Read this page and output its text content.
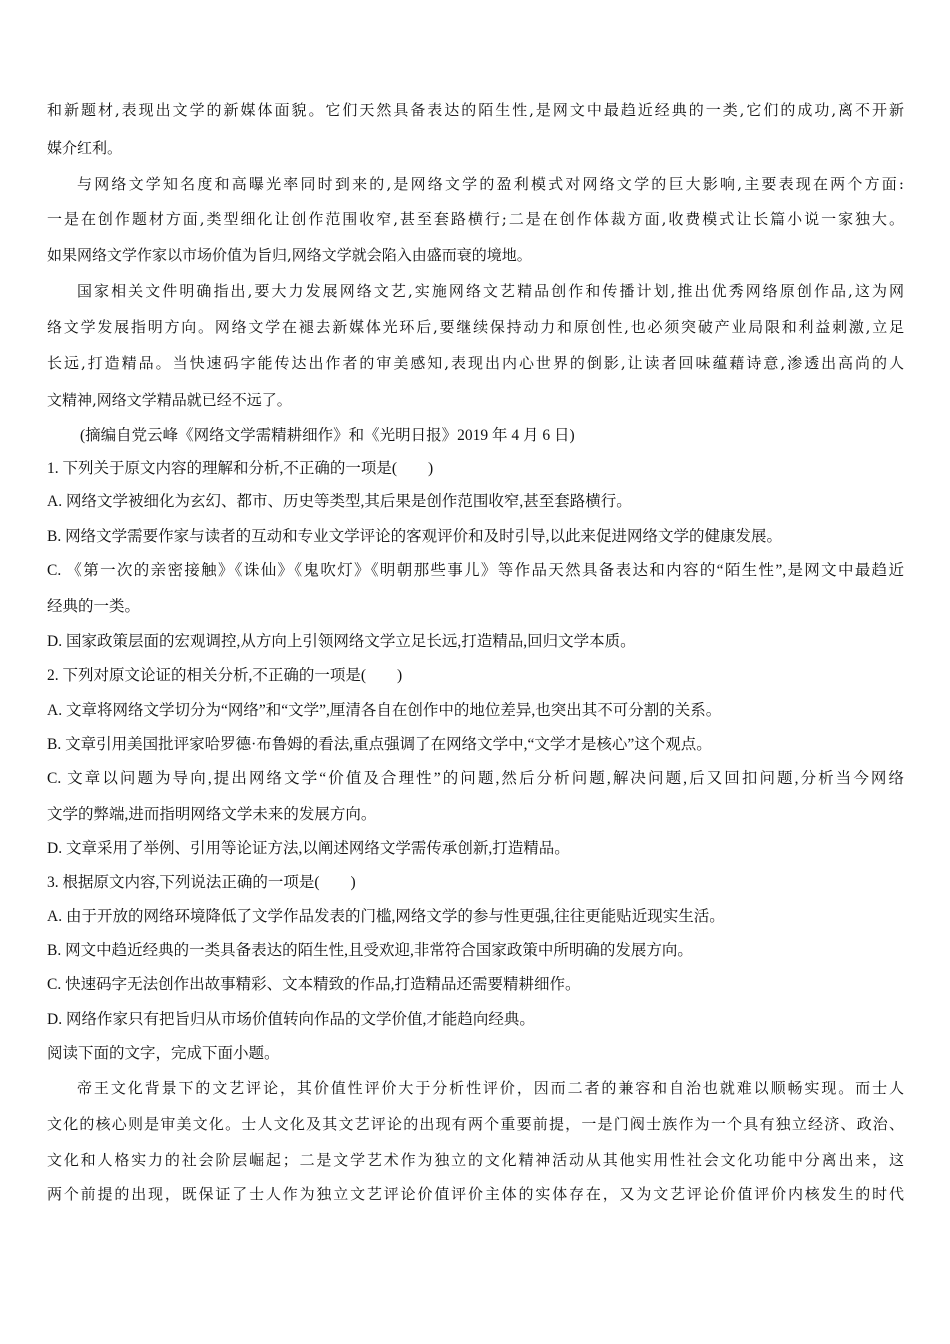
和新题材,表现出文学的新媒体面貌。它们天然具备表达的陌生性,是网文中最趋近经典的一类,它们的成功,离不开新
媒介红利。
与网络文学知名度和高曝光率同时到来的,是网络文学的盈利模式对网络文学的巨大影响,主要表现在两个方面:
一是在创作题材方面,类型细化让创作范围收窄,甚至套路横行;二是在创作体裁方面,收费模式让长篇小说一家独大。
如果网络文学作家以市场价值为旨归,网络文学就会陷入由盛而衰的境地。
国家相关文件明确指出,要大力发展网络文艺,实施网络文艺精品创作和传播计划,推出优秀网络原创作品,这为网
络文学发展指明方向。网络文学在褪去新媒体光环后,要继续保持动力和原创性,也必须突破产业局限和利益刺激,立足
长远,打造精品。当快速码字能传达出作者的审美感知,表现出内心世界的倒影,让读者回味蕴藉诗意,渗透出高尚的人
文精神,网络文学精品就已经不远了。
(摘编自党云峰《网络文学需精耕细作》和《光明日报》2019 年 4 月 6 日)
1. 下列关于原文内容的理解和分析,不正确的一项是(　　)
A. 网络文学被细化为玄幻、都市、历史等类型,其后果是创作范围收窄,甚至套路横行。
B. 网络文学需要作家与读者的互动和专业文学评论的客观评价和及时引导,以此来促进网络文学的健康发展。
C. 《第一次的亲密接触》《诛仙》《鬼吹灯》《明朝那些事儿》等作品天然具备表达和内容的“陌生性”,是网文中最趋近
经典的一类。
D. 国家政策层面的宏观调控,从方向上引领网络文学立足长远,打造精品,回归文学本质。
2. 下列对原文论证的相关分析,不正确的一项是(　　)
A. 文章将网络文学切分为“网络”和“文学”,厘清各自在创作中的地位差异,也突出其不可分割的关系。
B. 文章引用美国批评家哈罗德·布鲁姆的看法,重点强调了在网络文学中,“文学才是核心”这个观点。
C. 文章以问题为导向,提出网络文学“价值及合理性”的问题,然后分析问题,解决问题,后又回扣问题,分析当今网络
文学的弊端,进而指明网络文学未来的发展方向。
D. 文章采用了举例、引用等论证方法,以阐述网络文学需传承创新,打造精品。
3. 根据原文内容,下列说法正确的一项是(　　)
A. 由于开放的网络环境降低了文学作品发表的门槛,网络文学的参与性更强,往往更能贴近现实生活。
B. 网文中趋近经典的一类具备表达的陌生性,且受欢迎,非常符合国家政策中所明确的发展方向。
C. 快速码字无法创作出故事精彩、文本精致的作品,打造精品还需要精耕细作。
D. 网络作家只有把旨归从市场价值转向作品的文学价值,才能趋向经典。
阅读下面的文字，完成下面小题。
帝王文化背景下的文艺评论，其价值性评价大于分析性评价，因而二者的兼容和自治也就难以顺畅实现。而士人
文化的核心则是审美文化。士人文化及其文艺评论的出现有两个重要前提，一是门阀士族作为一个具有独立经济、政治、
文化和人格实力的社会阶层崛起；二是文学艺术作为独立的文化精神活动从其他实用性社会文化功能中分离出来，这
两个前提的出现，既保证了士人作为独立文艺评论价值评价主体的实体存在，又为文艺评论价值评价内核发生的时代
